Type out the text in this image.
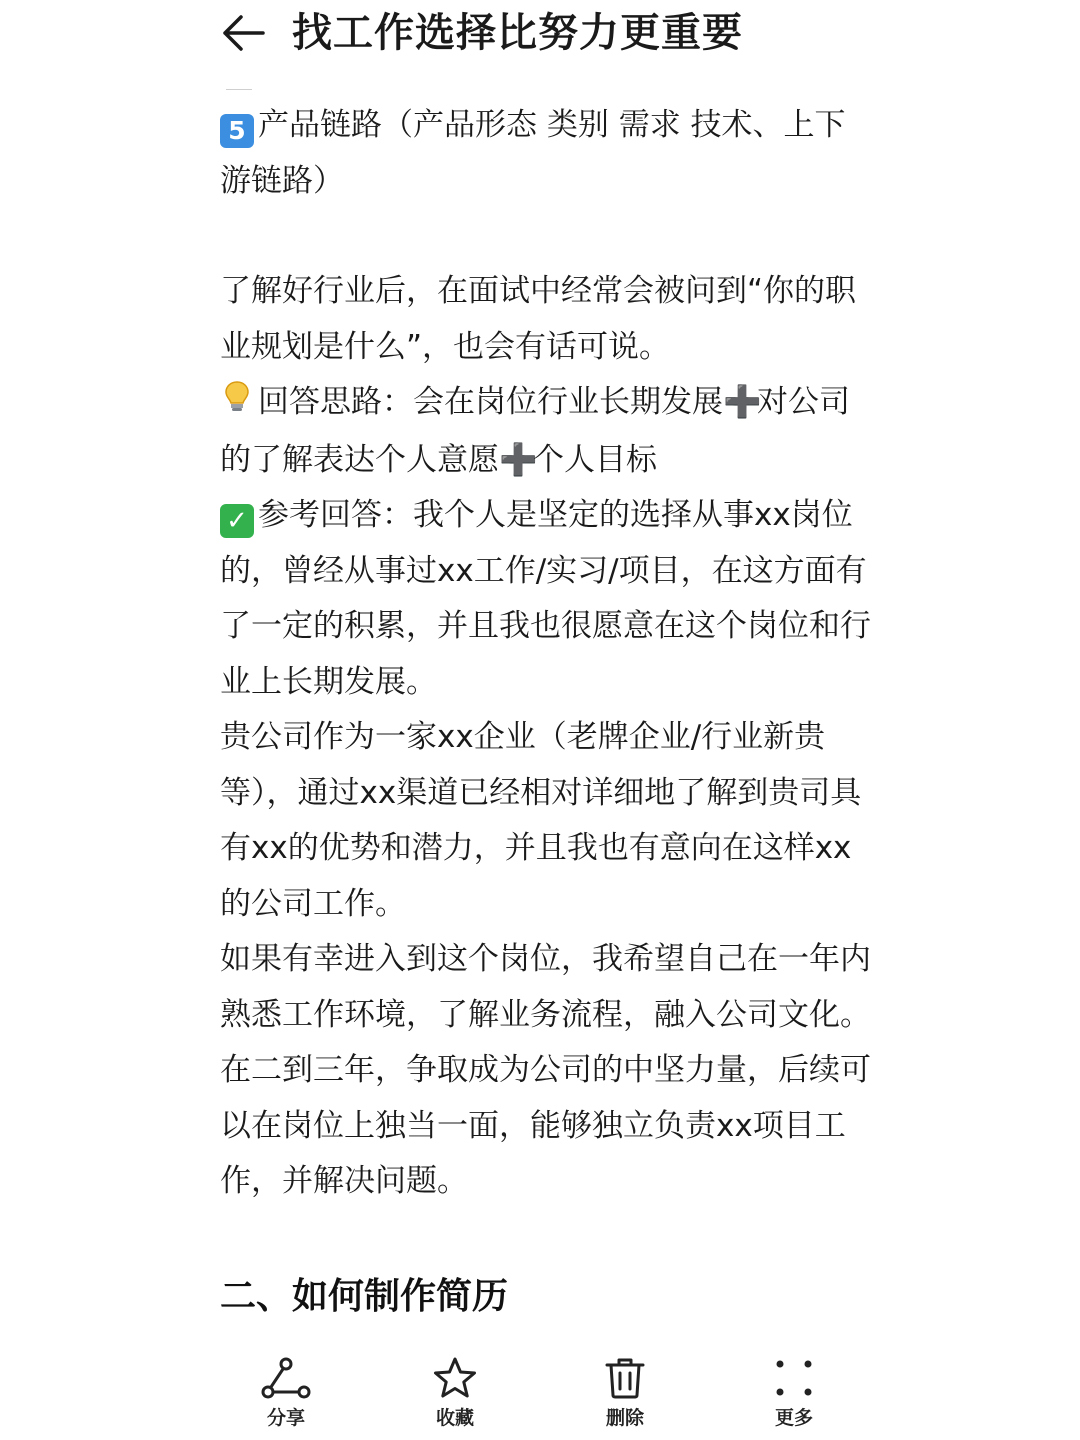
找工作选择比努力更重要

5 产品链路（产品形态 类别 需求 技术、上下游链路）

了解好行业后，在面试中经常会被问到“你的职业规划是什么”，也会有话可说。

回答思路：会在岗位行业长期发展➕对公司的了解表达个人意愿➕个人目标

✓ 参考回答：我个人是坚定的选择从事xx岗位的，曾经从事过xx工作/实习/项目，在这方面有了一定的积累，并且我也很愿意在这个岗位和行业上长期发展。

贵公司作为一家xx企业（老牌企业/行业新贵等），通过xx渠道已经相对详细地了解到贵司具有xx的优势和潜力，并且我也有意向在这样xx的公司工作。

如果有幸进入到这个岗位，我希望自己在一年内熟悉工作环境，了解业务流程，融入公司文化。在二到三年，争取成为公司的中坚力量，后续可以在岗位上独当一面，能够独立负责xx项目工作，并解决问题。

二、如何制作简历
分享	收藏	删除	更多
